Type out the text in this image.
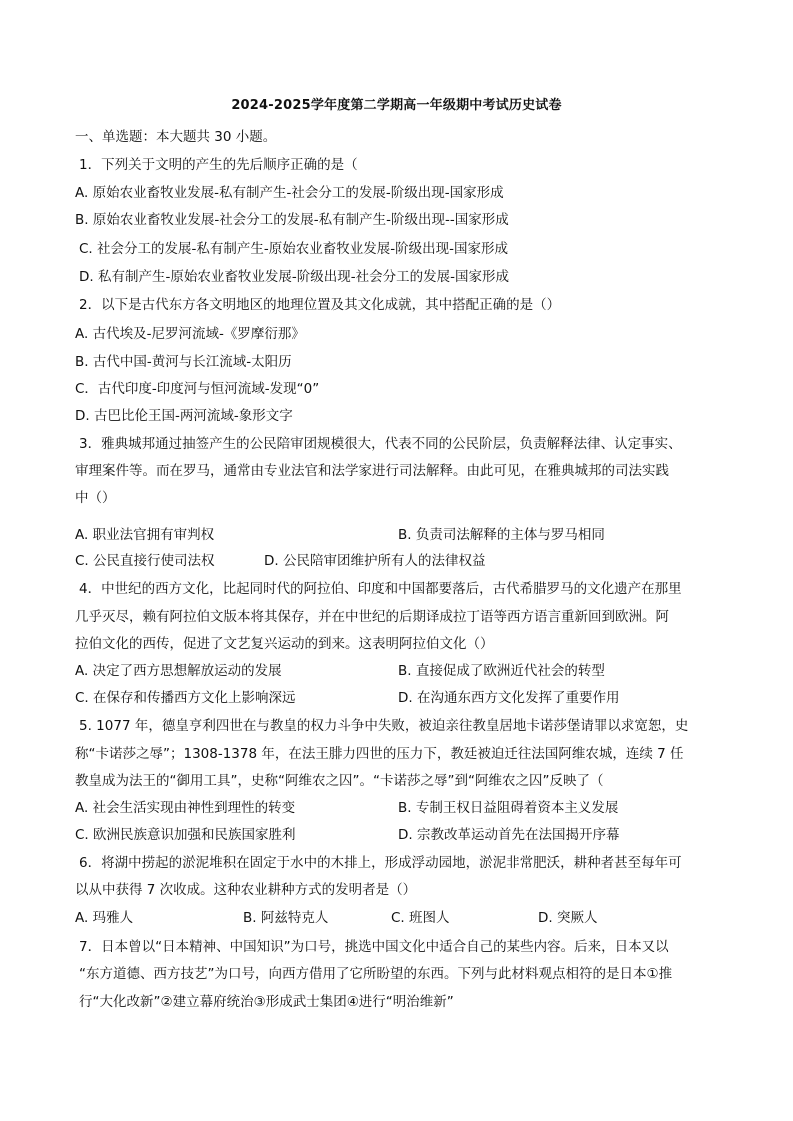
2024-2025学年度第二学期高一年级期中考试历史试卷
一、单选题：本大题共 30 小题。
1．下列关于文明的产生的先后顺序正确的是（
A. 原始农业畜牧业发展-私有制产生-社会分工的发展-阶级出现-国家形成
B. 原始农业畜牧业发展-社会分工的发展-私有制产生-阶级出现--国家形成
C. 社会分工的发展-私有制产生-原始农业畜牧业发展-阶级出现-国家形成
D. 私有制产生-原始农业畜牧业发展-阶级出现-社会分工的发展-国家形成
2．以下是古代东方各文明地区的地理位置及其文化成就，其中搭配正确的是（）
A. 古代埃及-尼罗河流域-《罗摩衍那》
B. 古代中国-黄河与长江流域-太阳历
C．古代印度-印度河与恒河流域-发现“0”
D. 古巴比伦王国-两河流域-象形文字
3．雅典城邦通过抽签产生的公民陪审团规模很大，代表不同的公民阶层，负责解释法律、认定事实、
审理案件等。而在罗马，通常由专业法官和法学家进行司法解释。由此可见，在雅典城邦的司法实践
中（）
A. 职业法官拥有审判权	B. 负责司法解释的主体与罗马相同
C. 公民直接行使司法权	D. 公民陪审团维护所有人的法律权益
4．中世纪的西方文化，比起同时代的阿拉伯、印度和中国都要落后，古代希腊罗马的文化遗产在那里
几乎灭尽，赖有阿拉伯文版本将其保存，并在中世纪的后期译成拉丁语等西方语言重新回到欧洲。阿
拉伯文化的西传，促进了文艺复兴运动的到来。这表明阿拉伯文化（）
A. 决定了西方思想解放运动的发展	B. 直接促成了欧洲近代社会的转型
C. 在保存和传播西方文化上影响深远	D. 在沟通东西方文化发挥了重要作用
5. 1077 年，德皇亨利四世在与教皇的权力斗争中失败，被迫亲往教皇居地卡诺莎堡请罪以求宽恕，史
称“卡诺莎之辱”；1308-1378 年，在法王腓力四世的压力下，教廷被迫迁往法国阿维农城，连续 7 任
教皇成为法王的“御用工具”，史称“阿维农之囚”。“卡诺莎之辱”到“阿维农之囚”反映了（
A. 社会生活实现由神性到理性的转变	B. 专制王权日益阻碍着资本主义发展
C. 欧洲民族意识加强和民族国家胜利	D. 宗教改革运动首先在法国揭开序幕
6．将湖中捞起的淤泥堆积在固定于水中的木排上，形成浮动园地，淤泥非常肥沃，耕种者甚至每年可
以从中获得 7 次收成。这种农业耕种方式的发明者是（）
A. 玛雅人	B. 阿兹特克人	C. 班图人	D. 突厥人
7．日本曾以“日本精神、中国知识”为口号，挑选中国文化中适合自己的某些内容。后来，日本又以
“东方道德、西方技艺”为口号，向西方借用了它所盼望的东西。下列与此材料观点相符的是日本①推
行“大化改新”②建立幕府统治③形成武士集团④进行“明治维新”
